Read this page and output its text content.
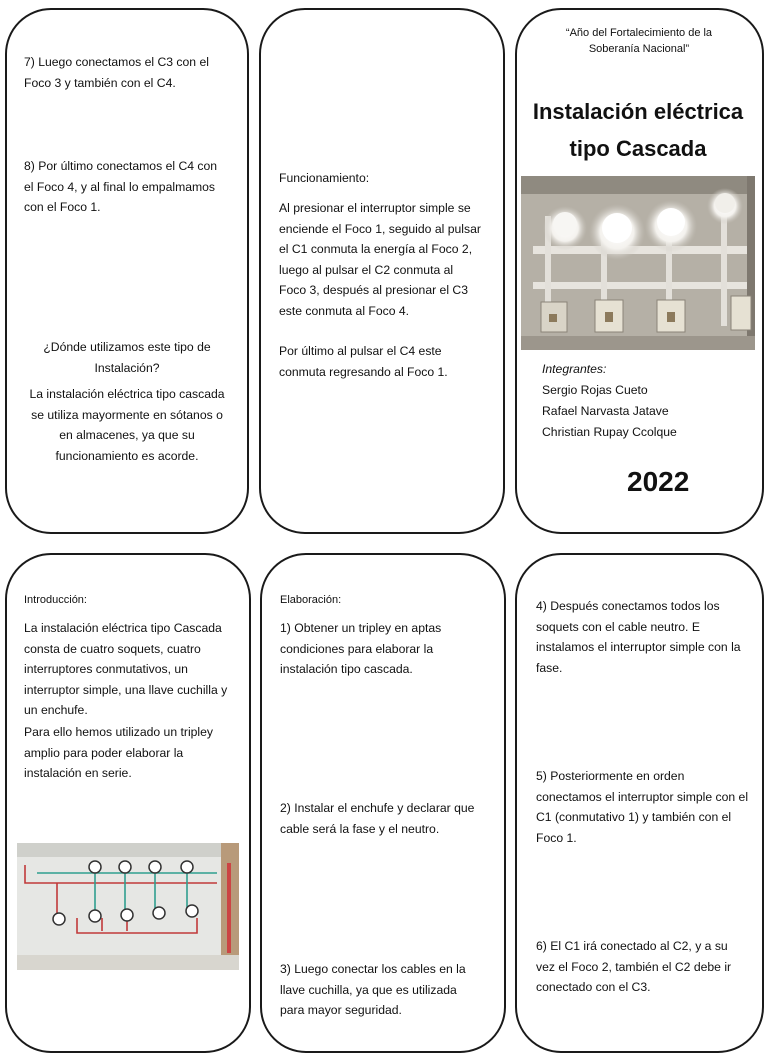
7) Luego conectamos el C3 con el Foco 3 y también con el C4.

8) Por último conectamos el C4 con el Foco 4, y al final lo empalmamos con el Foco 1.

¿Dónde utilizamos este tipo de Instalación?

La instalación eléctrica tipo cascada se utiliza mayormente en sótanos o en almacenes, ya que su funcionamiento es acorde.

Funcionamiento:

Al presionar el interruptor simple se enciende el Foco 1, seguido al pulsar el C1 conmuta la energía al Foco 2, luego al pulsar el C2 conmuta al Foco 3, después al presionar el C3 este conmuta al Foco 4.

Por último al pulsar el C4 este conmuta regresando al Foco 1.

“Año del Fortalecimiento de la Soberanía Nacional”

Instalación eléctrica
tipo Cascada

Integrantes:

Sergio Rojas Cueto

Rafael Narvasta Jatave

Christian Rupay Ccolque

2022

Introducción:

La instalación eléctrica tipo Cascada consta de cuatro soquets, cuatro interruptores conmutativos, un interruptor simple, una llave cuchilla y un enchufe.

Para ello hemos utilizado un tripley amplio para poder elaborar la instalación en serie.

Elaboración:

1) Obtener un tripley en aptas condiciones para elaborar la instalación tipo cascada.

2) Instalar el enchufe y declarar que cable será la fase y el neutro.

3) Luego conectar los cables en la llave cuchilla, ya que es utilizada para mayor seguridad.

4) Después conectamos todos los soquets con el cable neutro. E instalamos el interruptor simple con la fase.

5) Posteriormente en orden conectamos el interruptor simple con el C1 (conmutativo 1) y también con el Foco 1.

6) El C1 irá conectado al C2, y a su vez el Foco 2, también el C2 debe ir conectado con el C3.
